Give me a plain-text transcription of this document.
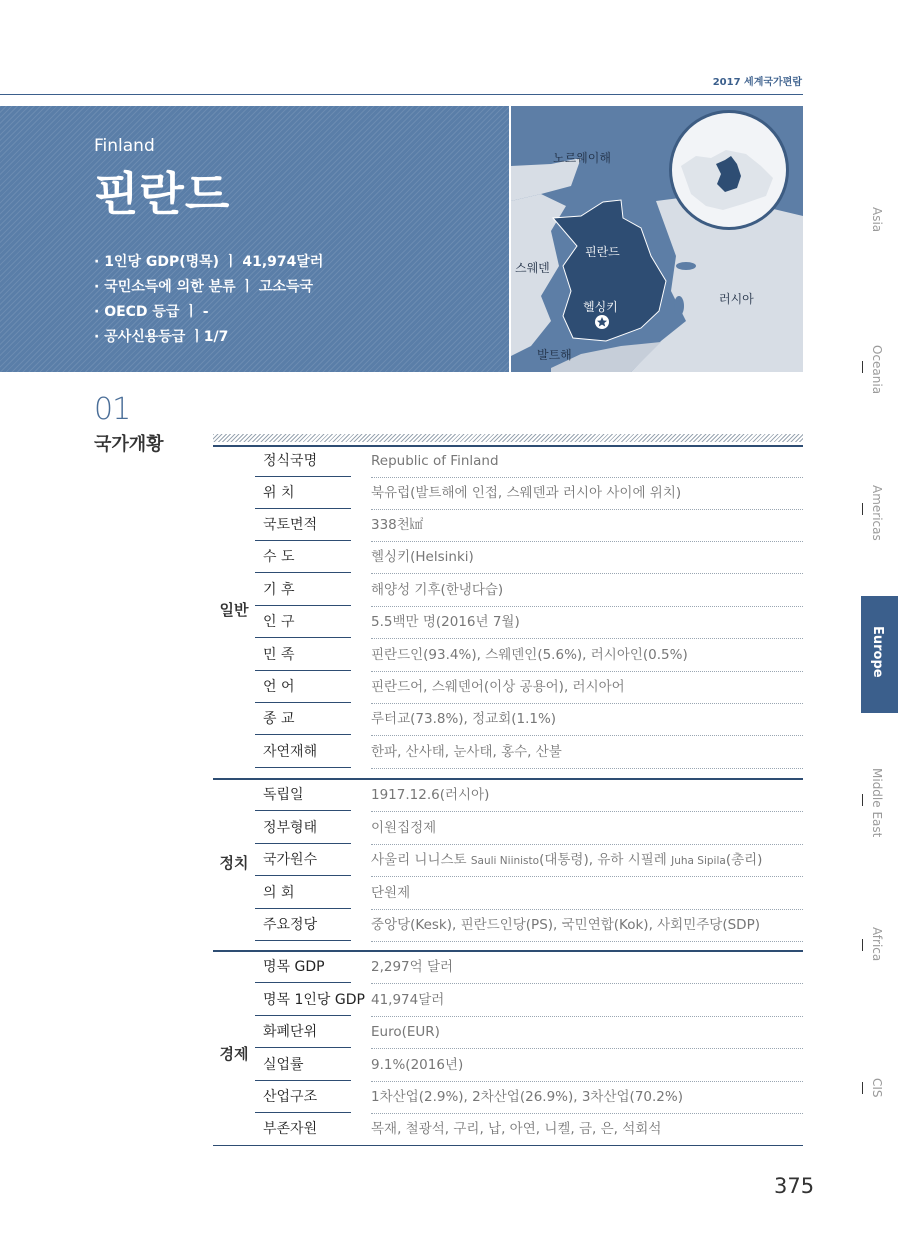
2017 세계국가편람
Finland
핀란드
· 1인당 GDP(명목) ㅣ 41,974달러
· 국민소득에 의한 분류 ㅣ 고소득국
· OECD 등급 ㅣ -
· 공사신용등급 ㅣ1/7
노르웨이해
스웨덴
핀란드
헬싱키
러시아
발트해
01
국가개황
일반
정식국명	Republic of Finland
위 치	북유럽(발트해에 인접, 스웨덴과 러시아 사이에 위치)
국토면적	338천㎢
수 도	헬싱키(Helsinki)
기 후	해양성 기후(한냉다습)
인 구	5.5백만 명(2016년 7월)
민 족	핀란드인(93.4%), 스웨덴인(5.6%), 러시아인(0.5%)
언 어	핀란드어, 스웨덴어(이상 공용어), 러시아어
종 교	루터교(73.8%), 정교회(1.1%)
자연재해	한파, 산사태, 눈사태, 홍수, 산불
정치
독립일	1917.12.6(러시아)
정부형태	이원집정제
국가원수	사울리 니니스토 Sauli Niinisto(대통령), 유하 시필레 Juha Sipila(총리)
의 회	단원제
주요정당	중앙당(Kesk), 핀란드인당(PS), 국민연합(Kok), 사회민주당(SDP)
경제
명목 GDP	2,297억 달러
명목 1인당 GDP 41,974달러
화폐단위	Euro(EUR)
실업률	9.1%(2016년)
산업구조	1차산업(2.9%), 2차산업(26.9%), 3차산업(70.2%)
부존자원	목재, 철광석, 구리, 납, 아연, 니켈, 금, 은, 석회석
375
Asia
Oceania
Americas
Europe
Middle East
Africa
CIS
